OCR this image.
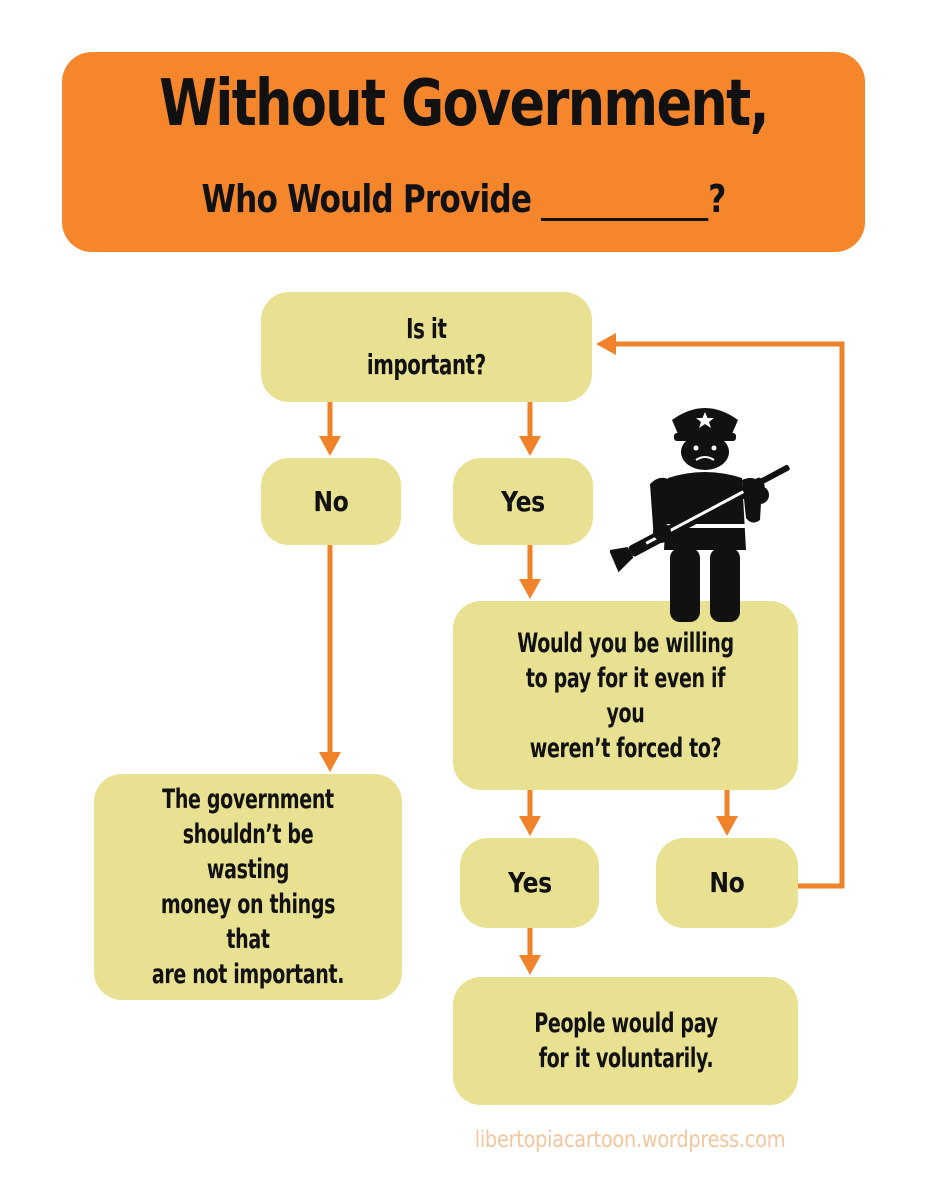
Without Government,
Who Would Provide	?
Is it
important?
No	Yes
Would you be willing
to pay for it even if you
weren’t forced to?
The government
shouldn’t be wasting
money on things that
are not important.
Yes	No
People would pay
for it voluntarily.
libertopiacartoon.wordpress.com
